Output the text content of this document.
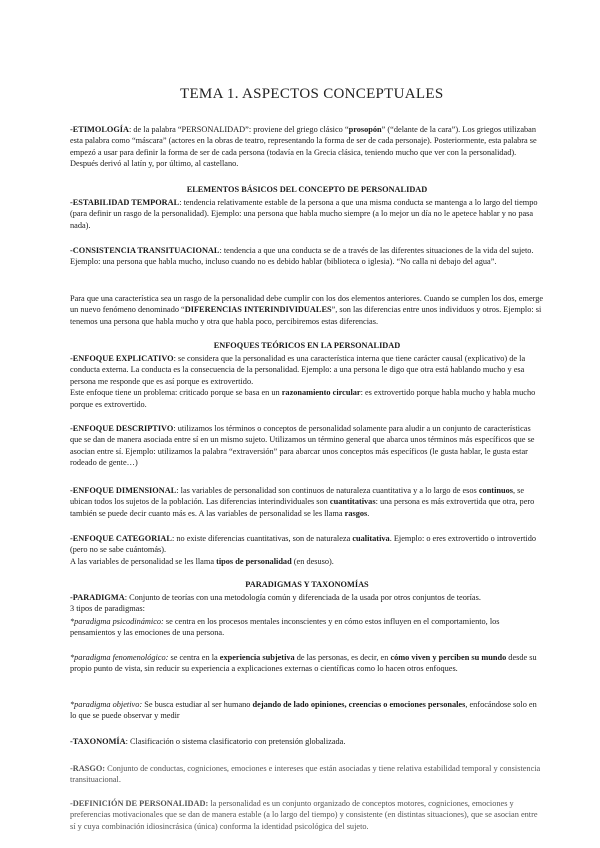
TEMA 1. ASPECTOS CONCEPTUALES

-ETIMOLOGÍA: de la palabra “PERSONALIDAD”: proviene del griego clásico “prosopón” (“delante de la cara”). Los griegos utilizaban esta palabra como “máscara” (actores en la obras de teatro, representando la forma de ser de cada personaje). Posteriormente, esta palabra se empezó a usar para definir la forma de ser de cada persona (todavía en la Grecia clásica, teniendo mucho que ver con la personalidad). Después derivó al latín y, por último, al castellano.

ELEMENTOS BÁSICOS DEL CONCEPTO DE PERSONALIDAD

-ESTABILIDAD TEMPORAL: tendencia relativamente estable de la persona a que una misma conducta se mantenga a lo largo del tiempo (para definir un rasgo de la personalidad). Ejemplo: una persona que habla mucho siempre (a lo mejor un día no le apetece hablar y no pasa nada).

-CONSISTENCIA TRANSITUACIONAL: tendencia a que una conducta se de a través de las diferentes situaciones de la vida del sujeto. Ejemplo: una persona que habla mucho, incluso cuando no es debido hablar (biblioteca o iglesia). “No calla ni debajo del agua”.

Para que una característica sea un rasgo de la personalidad debe cumplir con los dos elementos anteriores. Cuando se cumplen los dos, emerge un nuevo fenómeno denominado “DIFERENCIAS INTERINDIVIDUALES”, son las diferencias entre unos individuos y otros. Ejemplo: si tenemos una persona que habla mucho y otra que habla poco, percibiremos estas diferencias.

ENFOQUES TEÓRICOS EN LA PERSONALIDAD

-ENFOQUE EXPLICATIVO: se considera que la personalidad es una característica interna que tiene carácter causal (explicativo) de la conducta externa. La conducta es la consecuencia de la personalidad. Ejemplo: a una persona le digo que otra está hablando mucho y esa persona me responde que es así porque es extrovertido.
Este enfoque tiene un problema: criticado porque se basa en un razonamiento circular: es extrovertido porque habla mucho y habla mucho porque es extrovertido.

-ENFOQUE DESCRIPTIVO: utilizamos los términos o conceptos de personalidad solamente para aludir a un conjunto de características que se dan de manera asociada entre sí en un mismo sujeto. Utilizamos un término general que abarca unos términos más específicos que se asocian entre sí. Ejemplo: utilizamos la palabra “extraversión” para abarcar unos conceptos más específicos (le gusta hablar, le gusta estar rodeado de gente…)

-ENFOQUE DIMENSIONAL: las variables de personalidad son continuos de naturaleza cuantitativa y a lo largo de esos continuos, se ubican todos los sujetos de la población. Las diferencias interindividuales son cuantitativas: una persona es más extrovertida que otra, pero también se puede decir cuanto más es. A las variables de personalidad se les llama rasgos.

-ENFOQUE CATEGORIAL: no existe diferencias cuantitativas, son de naturaleza cualitativa. Ejemplo: o eres extrovertido o introvertido (pero no se sabe cuántomás).
A las variables de personalidad se les llama tipos de personalidad (en desuso).

PARADIGMAS Y TAXONOMÍAS

-PARADIGMA: Conjunto de teorías con una metodología común y diferenciada de la usada por otros conjuntos de teorías.
3 tipos de paradigmas:

*paradigma psicodinámico: se centra en los procesos mentales inconscientes y en cómo estos influyen en el comportamiento, los pensamientos y las emociones de una persona.

*paradigma fenomenológico: se centra en la experiencia subjetiva de las personas, es decir, en cómo viven y perciben su mundo desde su propio punto de vista, sin reducir su experiencia a explicaciones externas o científicas como lo hacen otros enfoques.

*paradigma objetivo: Se busca estudiar al ser humano dejando de lado opiniones, creencias o emociones personales, enfocándose solo en lo que se puede observar y medir

-TAXONOMÍA: Clasificación o sistema clasificatorio con pretensión globalizada.

-RASGO: Conjunto de conductas, cogniciones, emociones e intereses que están asociadas y tiene relativa estabilidad temporal y consistencia transituacional.

-DEFINICIÓN DE PERSONALIDAD: la personalidad es un conjunto organizado de conceptos motores, cogniciones, emociones y preferencias motivacionales que se dan de manera estable (a lo largo del tiempo) y consistente (en distintas situaciones), que se asocian entre sí y cuya combinación idiosincrásica (única) conforma la identidad psicológica del sujeto.
